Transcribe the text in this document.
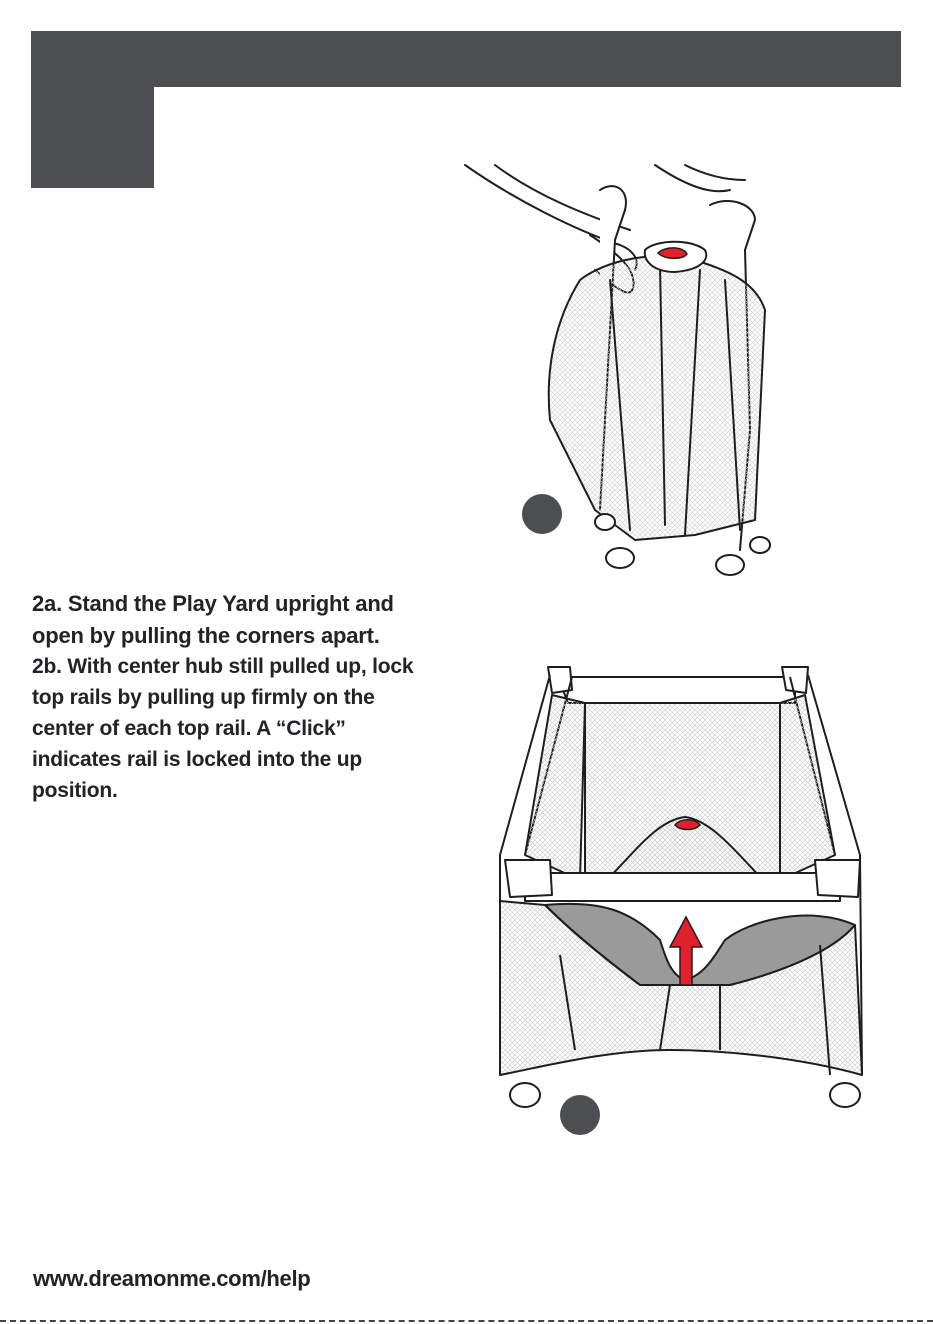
2a. Stand the Play Yard upright and open by pulling the corners apart.

2b. With center hub still pulled up, lock top rails by pulling up firmly on the center of each top rail. A “Click” indicates rail is locked into the up position.

www.dreamonme.com/help
